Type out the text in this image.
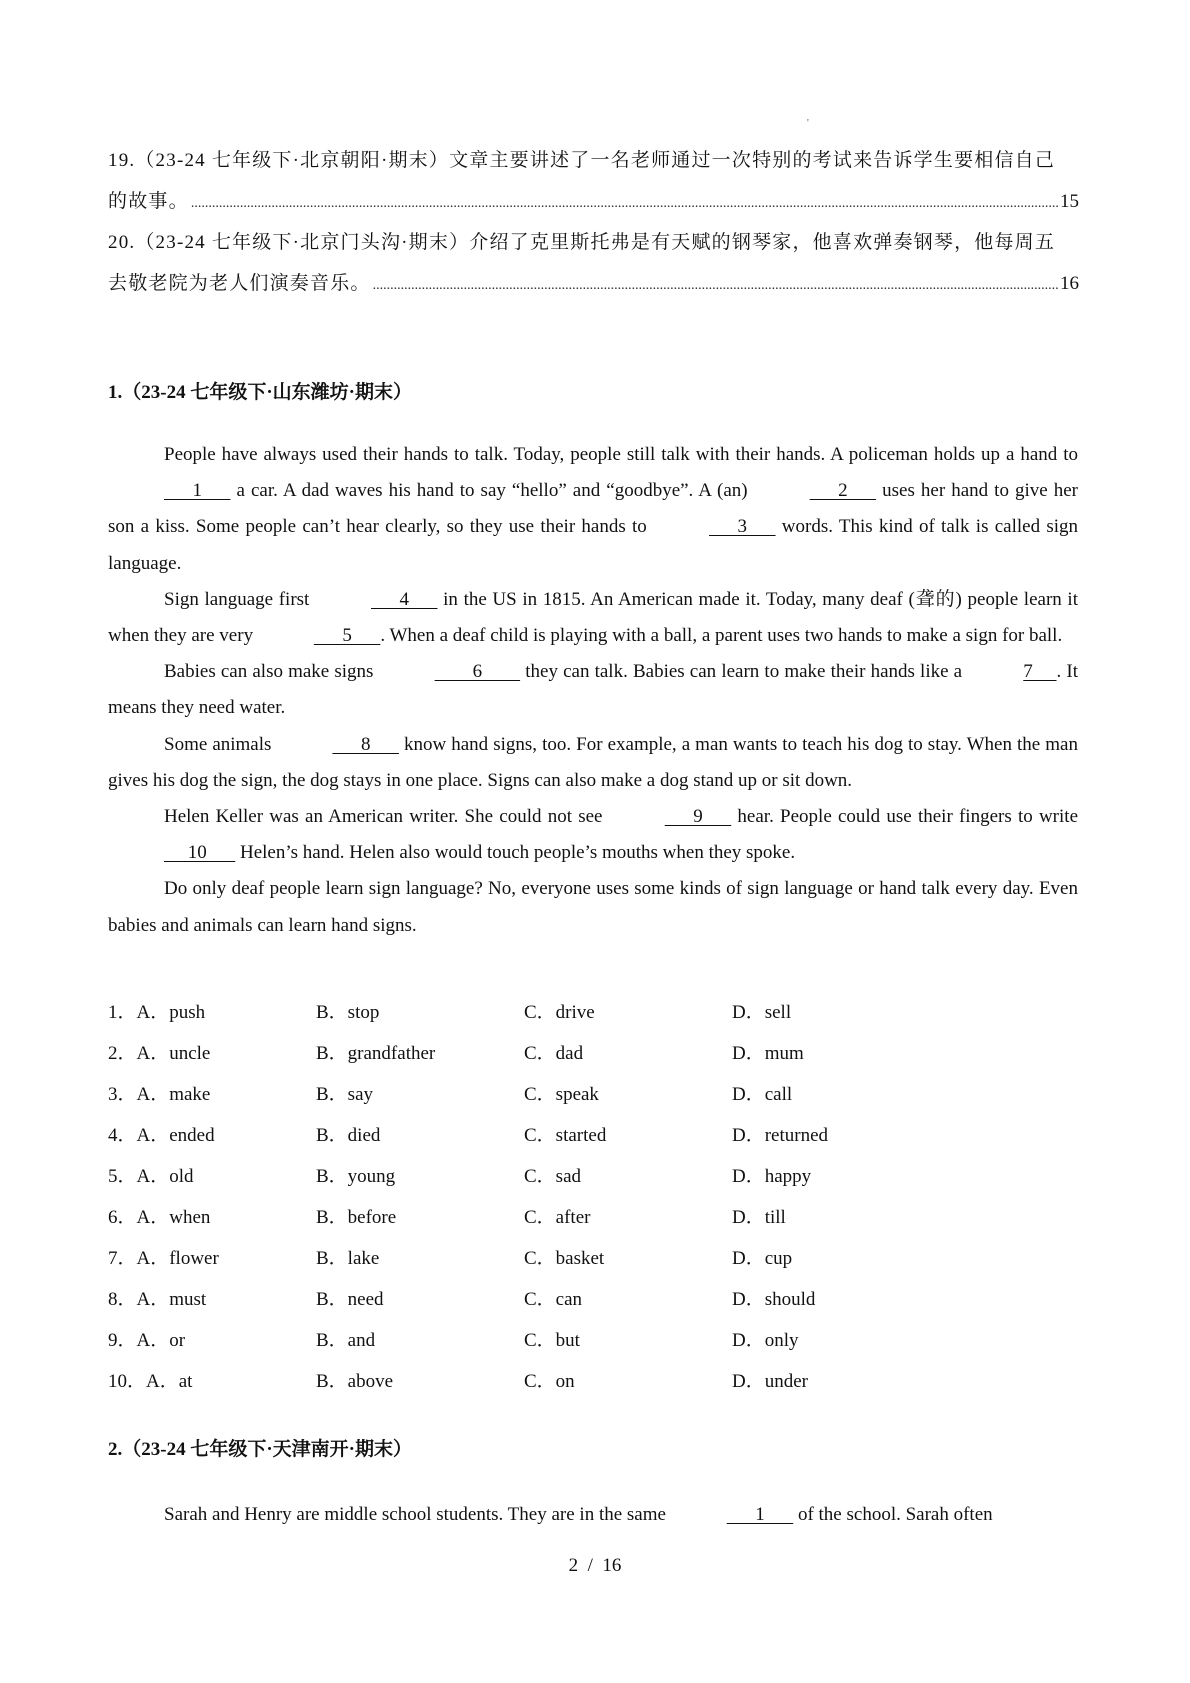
'
19.（23-24 七年级下·北京朝阳·期末）文章主要讲述了一名老师通过一次特别的考试来告诉学生要相信自己
的故事。 .....	15
20.（23-24 七年级下·北京门头沟·期末）介绍了克里斯托弗是有天赋的钢琴家，他喜欢弹奏钢琴，他每周五
去敬老院为老人们演奏音乐。 .....	16
1.（23-24 七年级下·山东潍坊·期末）

People have always used their hands to talk. Today, people still talk with their hands. A policeman holds up a hand to       1       a car. A dad waves his hand to say “hello” and “goodbye”. A (an)	2       uses her hand to give her son a kiss. Some people can’t hear clearly, so they use their hands to	3       words. This kind of talk is called sign language.

Sign language first	4       in the US in 1815. An American made it. Today, many deaf (聋的) people learn it when they are very	5      . When a deaf child is playing with a ball, a parent uses two hands to make a sign for ball.

Babies can also make signs	6         they can talk. Babies can learn to make their hands like a	7     . It means they need water.

Some animals	8       know hand signs, too. For example, a man wants to teach his dog to stay. When the man gives his dog the sign, the dog stays in one place. Signs can also make a dog stand up or sit down.

Helen Keller was an American writer. She could not see	9       hear. People could use their fingers to write      10       Helen’s hand. Helen also would touch people’s mouths when they spoke.

Do only deaf people learn sign language? No, everyone uses some kinds of sign language or hand talk every day. Even babies and animals can learn hand signs.

1．A．push	B．stop	C．drive	D．sell
2．A．uncle	B．grandfather	C．dad	D．mum
3．A．make	B．say	C．speak	D．call
4．A．ended	B．died	C．started	D．returned
5．A．old	B．young	C．sad	D．happy
6．A．when	B．before	C．after	D．till
7．A．flower	B．lake	C．basket	D．cup
8．A．must	B．need	C．can	D．should
9．A．or	B．and	C．but	D．only
10．A．at	B．above	C．on	D．under
2.（23-24 七年级下·天津南开·期末）

Sarah and Henry are middle school students. They are in the same	1       of the school. Sarah often

2 / 16
